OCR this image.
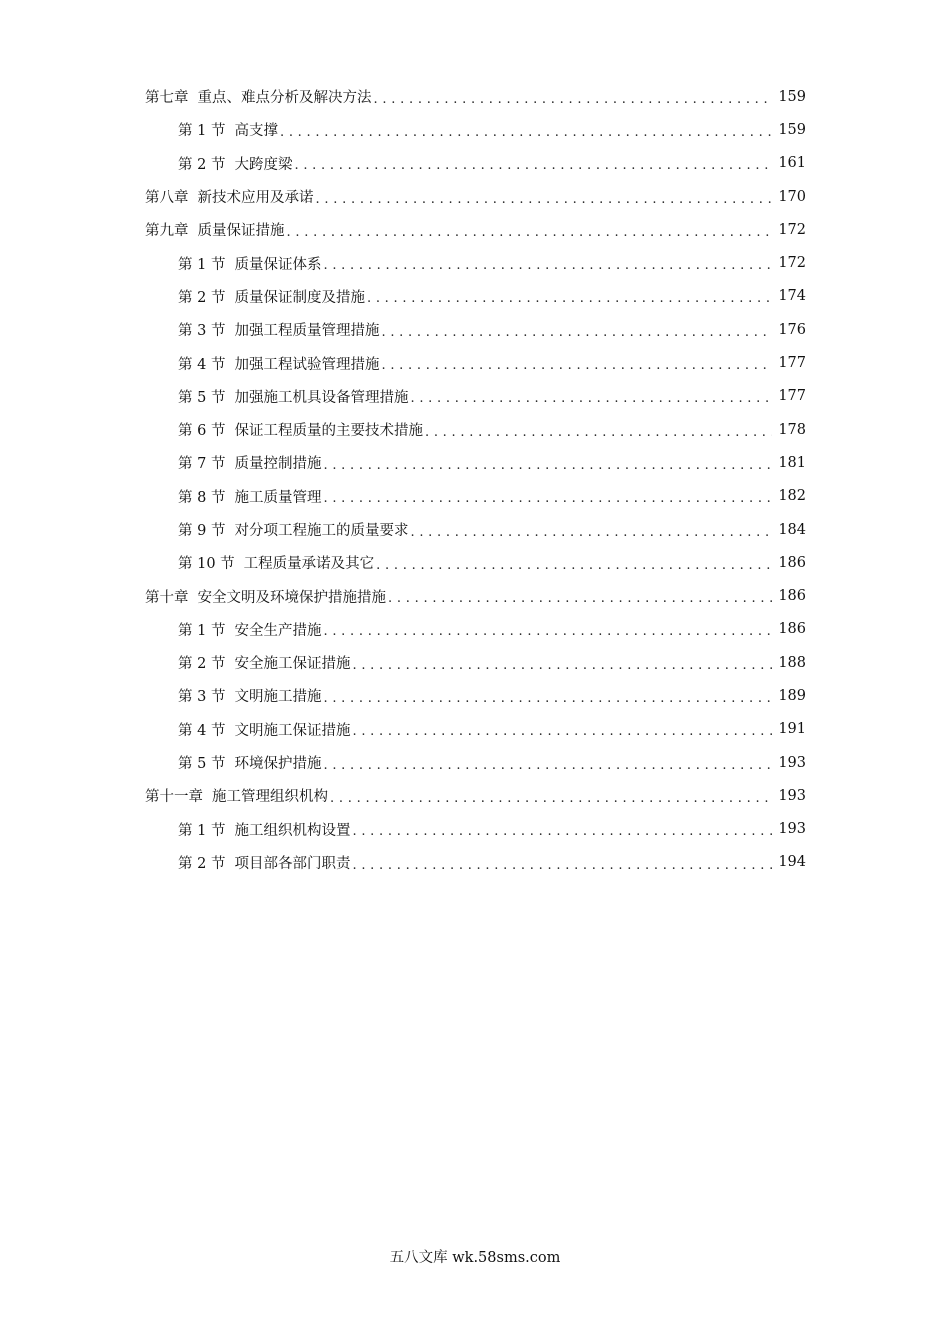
第七章 重点、难点分析及解决方法 . . .	159
第 1 节 高支撑 . . .	159
第 2 节 大跨度梁 . . .	161
第八章 新技术应用及承诺 . . .	170
第九章 质量保证措施 . . .	172
第 1 节 质量保证体系 . . .	172
第 2 节 质量保证制度及措施 . . .	174
第 3 节 加强工程质量管理措施 . . .	176
第 4 节 加强工程试验管理措施 . . .	177
第 5 节 加强施工机具设备管理措施 . . .	177
第 6 节 保证工程质量的主要技术措施 . . .	178
第 7 节 质量控制措施 . . .	181
第 8 节 施工质量管理 . . .	182
第 9 节 对分项工程施工的质量要求 . . .	184
第 10 节 工程质量承诺及其它 . . .	186
第十章 安全文明及环境保护措施措施 . . .	186
第 1 节 安全生产措施 . . .	186
第 2 节 安全施工保证措施 . . .	188
第 3 节 文明施工措施 . . .	189
第 4 节 文明施工保证措施 . . .	191
第 5 节 环境保护措施 . . .	193
第十一章 施工管理组织机构 . . .	193
第 1 节 施工组织机构设置 . . .	193
第 2 节 项目部各部门职责 . . .	194
五八文库 wk.58sms.com
